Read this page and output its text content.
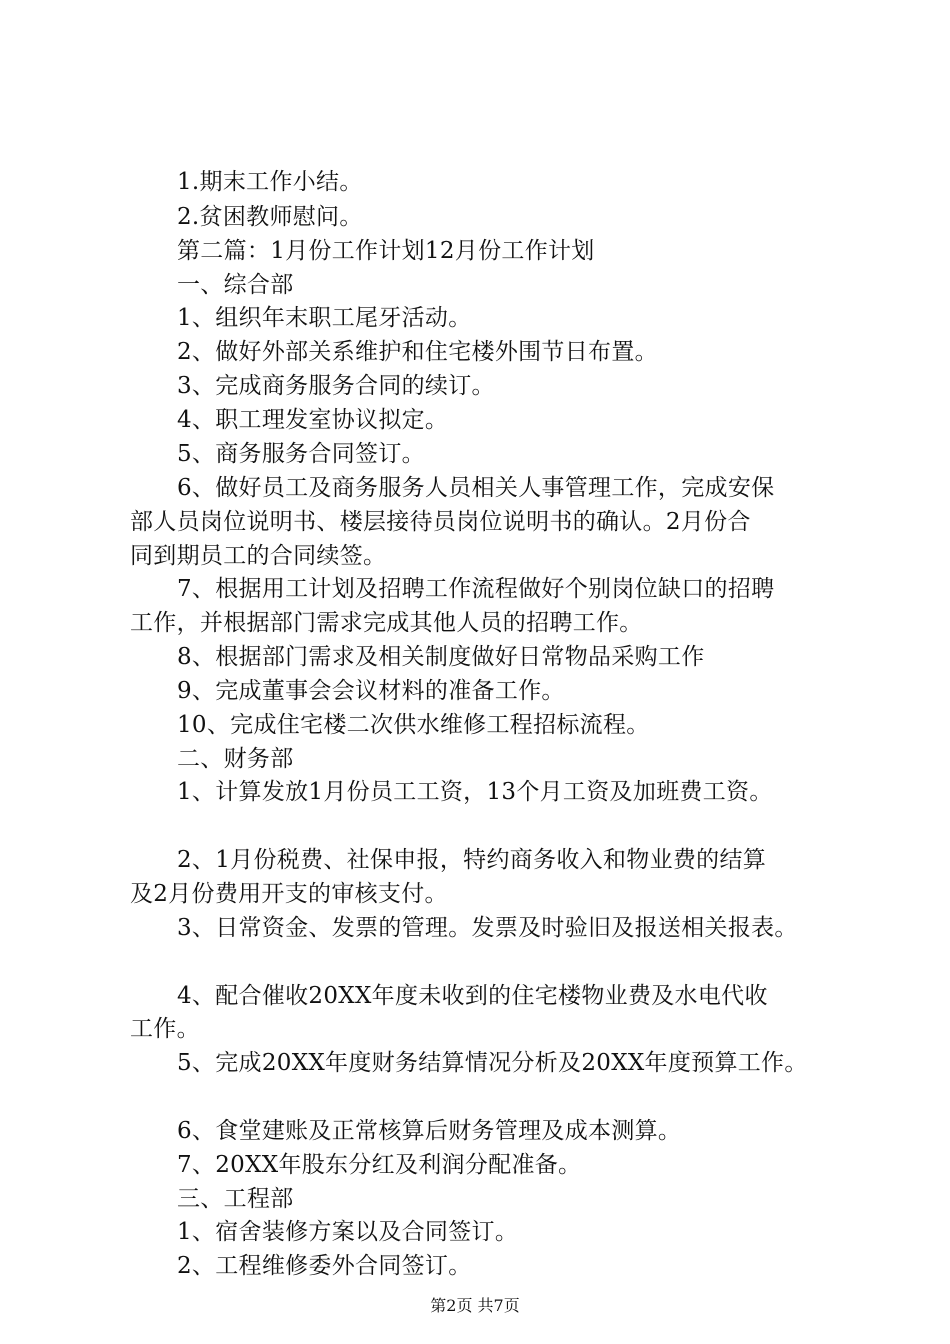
1.期末工作小结。
2.贫困教师慰问。
第二篇：1月份工作计划12月份工作计划
一、综合部
1、组织年末职工尾牙活动。
2、做好外部关系维护和住宅楼外围节日布置。
3、完成商务服务合同的续订。
4、职工理发室协议拟定。
5、商务服务合同签订。
6、做好员工及商务服务人员相关人事管理工作，完成安保
部人员岗位说明书、楼层接待员岗位说明书的确认。2月份合
同到期员工的合同续签。
7、根据用工计划及招聘工作流程做好个别岗位缺口的招聘
工作，并根据部门需求完成其他人员的招聘工作。
8、根据部门需求及相关制度做好日常物品采购工作
9、完成董事会会议材料的准备工作。
10、完成住宅楼二次供水维修工程招标流程。
二、财务部
1、计算发放1月份员工工资，13个月工资及加班费工资。
2、1月份税费、社保申报，特约商务收入和物业费的结算
及2月份费用开支的审核支付。
3、日常资金、发票的管理。发票及时验旧及报送相关报表。
4、配合催收20XX年度未收到的住宅楼物业费及水电代收
工作。
5、完成20XX年度财务结算情况分析及20XX年度预算工作。
6、食堂建账及正常核算后财务管理及成本测算。
7、20XX年股东分红及利润分配准备。
三、工程部
1、宿舍装修方案以及合同签订。
2、工程维修委外合同签订。
第2页 共7页
